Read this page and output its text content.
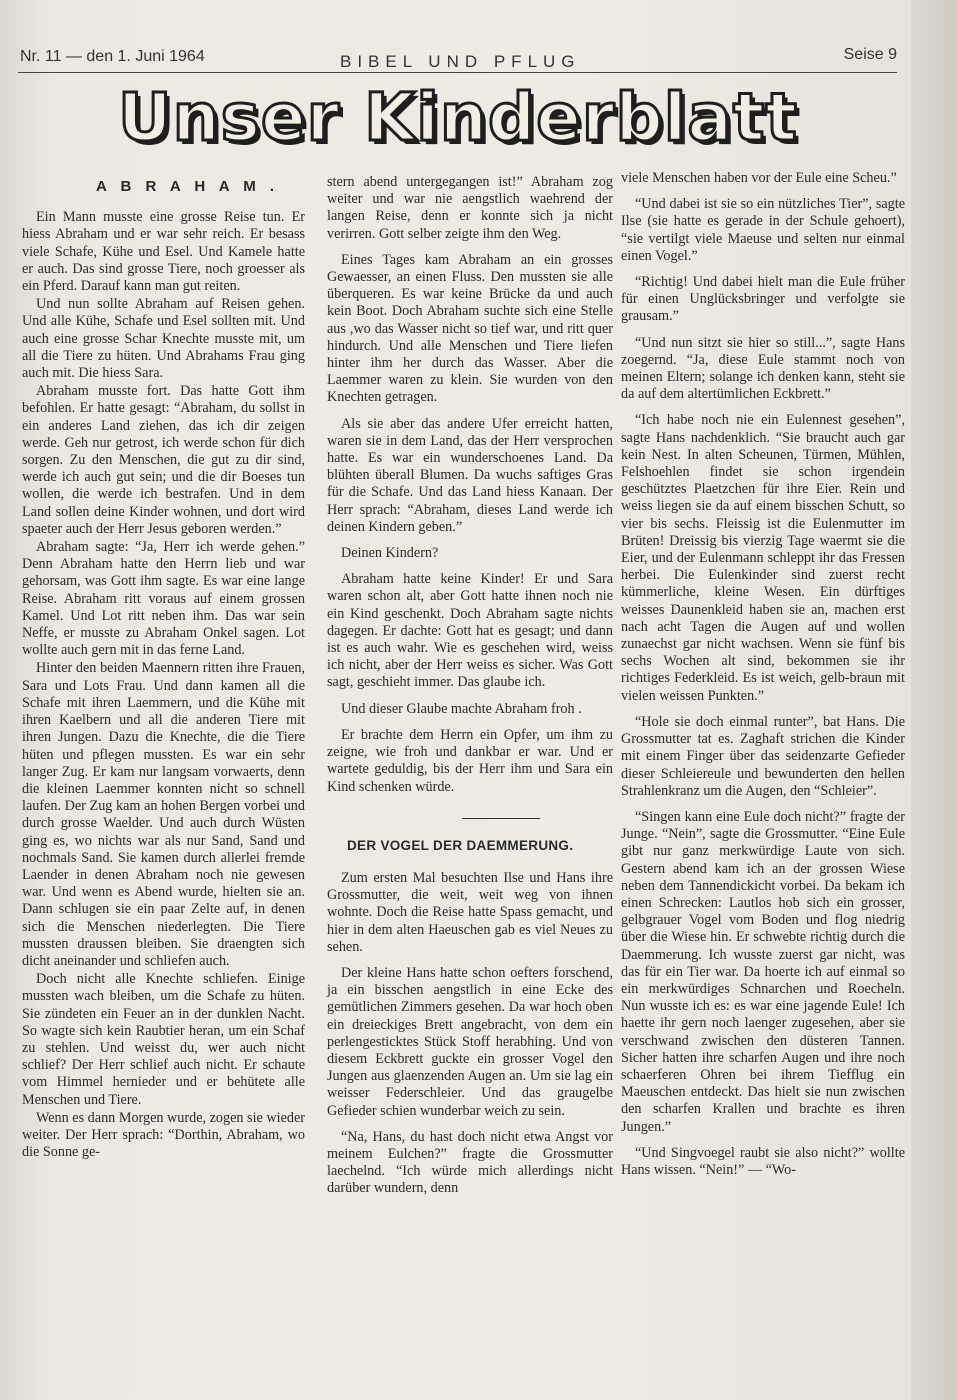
Nr. 11 — den 1. Juni 1964	BIBEL UND PFLUG	Seise 9
Unser Kinderblatt
A B R A H A M .

Ein Mann musste eine grosse Reise tun. Er hiess Abraham und er war sehr reich. Er besass viele Schafe, Kühe und Esel. Und Kamele hatte er auch. Das sind grosse Tiere, noch groesser als ein Pferd. Darauf kann man gut reiten.

Und nun sollte Abraham auf Reisen gehen. Und alle Kühe, Schafe und Esel sollten mit. Und auch eine grosse Schar Knechte musste mit, um all die Tiere zu hüten. Und Abrahams Frau ging auch mit. Die hiess Sara.

Abraham musste fort. Das hatte Gott ihm befohlen. Er hatte gesagt: “Abraham, du sollst in ein anderes Land ziehen, das ich dir zeigen werde. Geh nur getrost, ich werde schon für dich sorgen. Zu den Menschen, die gut zu dir sind, werde ich auch gut sein; und die dir Boeses tun wollen, die werde ich bestrafen. Und in dem Land sollen deine Kinder wohnen, und dort wird spaeter auch der Herr Jesus geboren werden.”

Abraham sagte: “Ja, Herr ich werde gehen.” Denn Abraham hatte den Herrn lieb und war gehorsam, was Gott ihm sagte. Es war eine lange Reise. Abraham ritt voraus auf einem grossen Kamel. Und Lot ritt neben ihm. Das war sein Neffe, er musste zu Abraham Onkel sagen. Lot wollte auch gern mit in das ferne Land.

Hinter den beiden Maennern ritten ihre Frauen, Sara und Lots Frau. Und dann kamen all die Schafe mit ihren Laemmern, und die Kühe mit ihren Kaelbern und all die anderen Tiere mit ihren Jungen. Dazu die Knechte, die die Tiere hüten und pflegen mussten. Es war ein sehr langer Zug. Er kam nur langsam vorwaerts, denn die kleinen Laemmer konnten nicht so schnell laufen. Der Zug kam an hohen Bergen vorbei und durch grosse Waelder. Und auch durch Wüsten ging es, wo nichts war als nur Sand, Sand und nochmals Sand. Sie kamen durch allerlei fremde Laender in denen Abraham noch nie gewesen war. Und wenn es Abend wurde, hielten sie an. Dann schlugen sie ein paar Zelte auf, in denen sich die Menschen niederlegten. Die Tiere mussten draussen bleiben. Sie draengten sich dicht aneinander und schliefen auch.

Doch nicht alle Knechte schliefen. Einige mussten wach bleiben, um die Schafe zu hüten. Sie zündeten ein Feuer an in der dunklen Nacht. So wagte sich kein Raubtier heran, um ein Schaf zu stehlen. Und weisst du, wer auch nicht schlief? Der Herr schlief auch nicht. Er schaute vom Himmel hernieder und er behütete alle Menschen und Tiere.

Wenn es dann Morgen wurde, zogen sie wieder weiter. Der Herr sprach: “Dorthin, Abraham, wo die Sonne ge-

stern abend untergegangen ist!” Abraham zog weiter und war nie aengstlich waehrend der langen Reise, denn er konnte sich ja nicht verirren. Gott selber zeigte ihm den Weg.

Eines Tages kam Abraham an ein grosses Gewaesser, an einen Fluss. Den mussten sie alle überqueren. Es war keine Brücke da und auch kein Boot. Doch Abraham suchte sich eine Stelle aus ,wo das Wasser nicht so tief war, und ritt quer hindurch. Und alle Menschen und Tiere liefen hinter ihm her durch das Wasser. Aber die Laemmer waren zu klein. Sie wurden von den Knechten getragen.

Als sie aber das andere Ufer erreicht hatten, waren sie in dem Land, das der Herr versprochen hatte. Es war ein wunderschoenes Land. Da blühten überall Blumen. Da wuchs saftiges Gras für die Schafe. Und das Land hiess Kanaan. Der Herr sprach: “Abraham, dieses Land werde ich deinen Kindern geben.”

Deinen Kindern?

Abraham hatte keine Kinder! Er und Sara waren schon alt, aber Gott hatte ihnen noch nie ein Kind geschenkt. Doch Abraham sagte nichts dagegen. Er dachte: Gott hat es gesagt; und dann ist es auch wahr. Wie es geschehen wird, weiss ich nicht, aber der Herr weiss es sicher. Was Gott sagt, geschieht immer. Das glaube ich.

Und dieser Glaube machte Abraham froh .

Er brachte dem Herrn ein Opfer, um ihm zu zeigne, wie froh und dankbar er war. Und er wartete geduldig, bis der Herr ihm und Sara ein Kind schenken würde.

DER VOGEL DER DAEMMERUNG.

Zum ersten Mal besuchten Ilse und Hans ihre Grossmutter, die weit, weit weg von ihnen wohnte. Doch die Reise hatte Spass gemacht, und hier in dem alten Haeuschen gab es viel Neues zu sehen.

Der kleine Hans hatte schon oefters forschend, ja ein bisschen aengstlich in eine Ecke des gemütlichen Zimmers gesehen. Da war hoch oben ein dreieckiges Brett angebracht, von dem ein perlengesticktes Stück Stoff herabhing. Und von diesem Eckbrett guckte ein grosser Vogel den Jungen aus glaenzenden Augen an. Um sie lag ein weisser Federschleier. Und das graugelbe Gefieder schien wunderbar weich zu sein.

“Na, Hans, du hast doch nicht etwa Angst vor meinem Eulchen?” fragte die Grossmutter laechelnd. “Ich würde mich allerdings nicht darüber wundern, denn

viele Menschen haben vor der Eule eine Scheu.”

“Und dabei ist sie so ein nützliches Tier”, sagte Ilse (sie hatte es gerade in der Schule gehoert), “sie vertilgt viele Maeuse und selten nur einmal einen Vogel.”

“Richtig! Und dabei hielt man die Eule früher für einen Unglücksbringer und verfolgte sie grausam.”

“Und nun sitzt sie hier so still...”, sagte Hans zoegernd. “Ja, diese Eule stammt noch von meinen Eltern; solange ich denken kann, steht sie da auf dem altertümlichen Eckbrett.”

“Ich habe noch nie ein Eulennest gesehen”, sagte Hans nachdenklich. “Sie braucht auch gar kein Nest. In alten Scheunen, Türmen, Mühlen, Felshoehlen findet sie schon irgendein geschütztes Plaetzchen für ihre Eier. Rein und weiss liegen sie da auf einem bisschen Schutt, so vier bis sechs. Fleissig ist die Eulenmutter im Brüten! Dreissig bis vierzig Tage waermt sie die Eier, und der Eulenmann schleppt ihr das Fressen herbei. Die Eulenkinder sind zuerst recht kümmerliche, kleine Wesen. Ein dürftiges weisses Daunenkleid haben sie an, machen erst nach acht Tagen die Augen auf und wollen zunaechst gar nicht wachsen. Wenn sie fünf bis sechs Wochen alt sind, bekommen sie ihr richtiges Federkleid. Es ist weich, gelb-braun mit vielen weissen Punkten.”

“Hole sie doch einmal runter”, bat Hans. Die Grossmutter tat es. Zaghaft strichen die Kinder mit einem Finger über das seidenzarte Gefieder dieser Schleiereule und bewunderten den hellen Strahlenkranz um die Augen, den “Schleier”.

“Singen kann eine Eule doch nicht?” fragte der Junge. “Nein”, sagte die Grossmutter. “Eine Eule gibt nur ganz merkwürdige Laute von sich. Gestern abend kam ich an der grossen Wiese neben dem Tannendickicht vorbei. Da bekam ich einen Schrecken: Lautlos hob sich ein grosser, gelbgrauer Vogel vom Boden und flog niedrig über die Wiese hin. Er schwebte richtig durch die Daemmerung. Ich wusste zuerst gar nicht, was das für ein Tier war. Da hoerte ich auf einmal so ein merkwürdiges Schnarchen und Roecheln. Nun wusste ich es: es war eine jagende Eule! Ich haette ihr gern noch laenger zugesehen, aber sie verschwand zwischen den düsteren Tannen. Sicher hatten ihre scharfen Augen und ihre noch schaerferen Ohren bei ihrem Tiefflug ein Maeuschen entdeckt. Das hielt sie nun zwischen den scharfen Krallen und brachte es ihren Jungen.”

“Und Singvoegel raubt sie also nicht?” wollte Hans wissen. “Nein!” — “Wo-
